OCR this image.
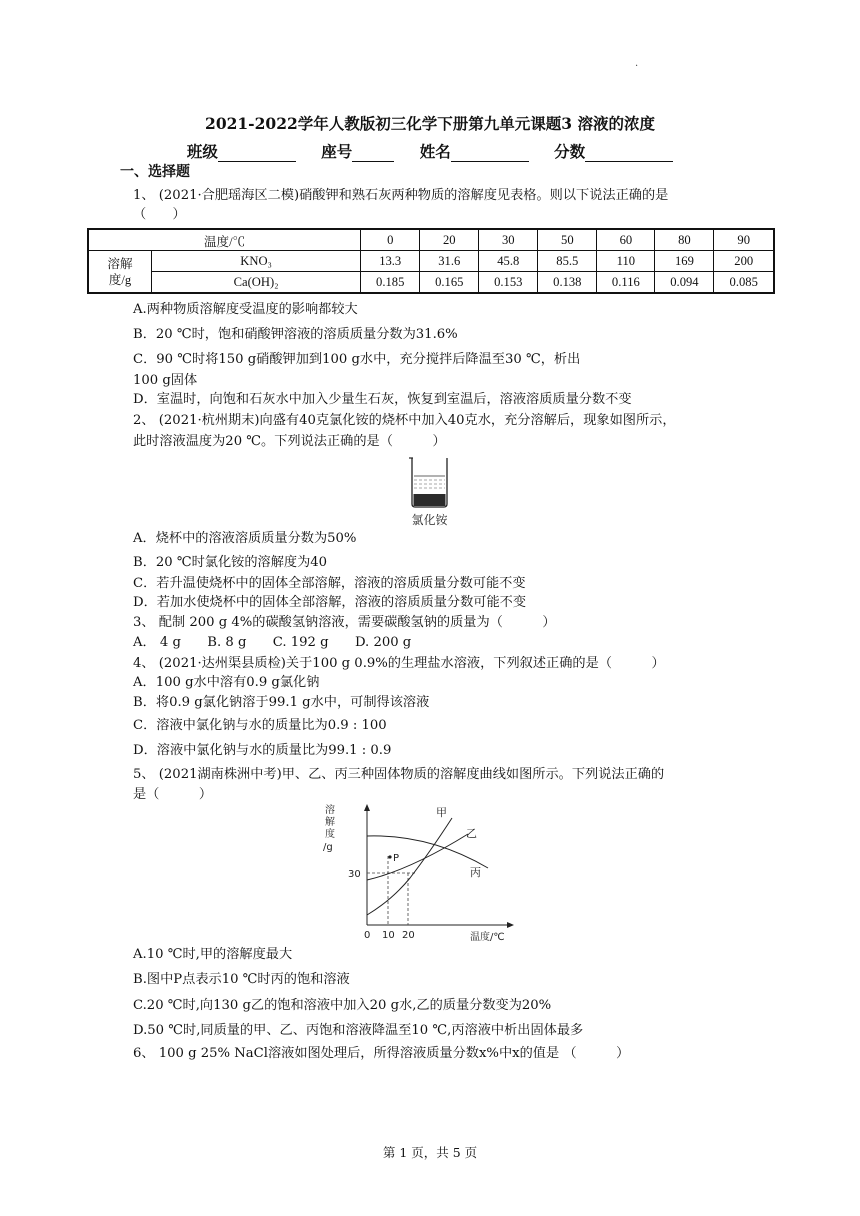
.
2021-2022学年人教版初三化学下册第九单元课题3 溶液的浓度
班级	座号	姓名	分数
一、选择题
1、 (2021·合肥瑶海区二模)硝酸钾和熟石灰两种物质的溶解度见表格。则以下说法正确的是
（　　）
温度/℃		0	20	30	50	60	80	90
溶解
度/g	KNO₃	13.3	31.6	45.8	85.5	110	169	200
	Ca(OH)₂	0.185	0.165	0.153	0.138	0.116	0.094	0.085
A.两种物质溶解度受温度的影响都较大
B．20 ℃时，饱和硝酸钾溶液的溶质质量分数为31.6%
C．90 ℃时将150 g硝酸钾加到100 g水中，充分搅拌后降温至30 ℃，析出
100 g固体
D．室温时，向饱和石灰水中加入少量生石灰，恢复到室温后，溶液溶质质量分数不变
2、 (2021·杭州期末)向盛有40克氯化铵的烧杯中加入40克水，充分溶解后，现象如图所示，
此时溶液温度为20 ℃。下列说法正确的是（　　　）
氯化铵
A．烧杯中的溶液溶质质量分数为50%
B．20 ℃时氯化铵的溶解度为40
C．若升温使烧杯中的固体全部溶解，溶液的溶质质量分数可能不变
D．若加水使烧杯中的固体全部溶解，溶液的溶质质量分数可能不变
3、 配制 200 g 4%的碳酸氢钠溶液，需要碳酸氢钠的质量为（　　　）
A． 4 g　　B. 8 g　　C. 192 g　　D. 200 g
4、 (2021·达州渠县质检)关于100 g 0.9%的生理盐水溶液，下列叙述正确的是（　　　）
A．100 g水中溶有0.9 g氯化钠
B．将0.9 g氯化钠溶于99.1 g水中，可制得该溶液
C．溶液中氯化钠与水的质量比为0.9 : 100
D．溶液中氯化钠与水的质量比为99.1 : 0.9
5、 (2021湖南株洲中考)甲、乙、丙三种固体物质的溶解度曲线如图所示。下列说法正确的
是（　　　）
溶
解
度
/g
P
30
0 10 20	温度/℃
甲
乙
丙
A.10 ℃时,甲的溶解度最大
B.图中P点表示10 ℃时丙的饱和溶液
C.20 ℃时,向130 g乙的饱和溶液中加入20 g水,乙的质量分数变为20%
D.50 ℃时,同质量的甲、乙、丙饱和溶液降温至10 ℃,丙溶液中析出固体最多
6、 100 g 25% NaCl溶液如图处理后，所得溶液质量分数x%中x的值是 （　　　）
第 1 页，共 5 页
